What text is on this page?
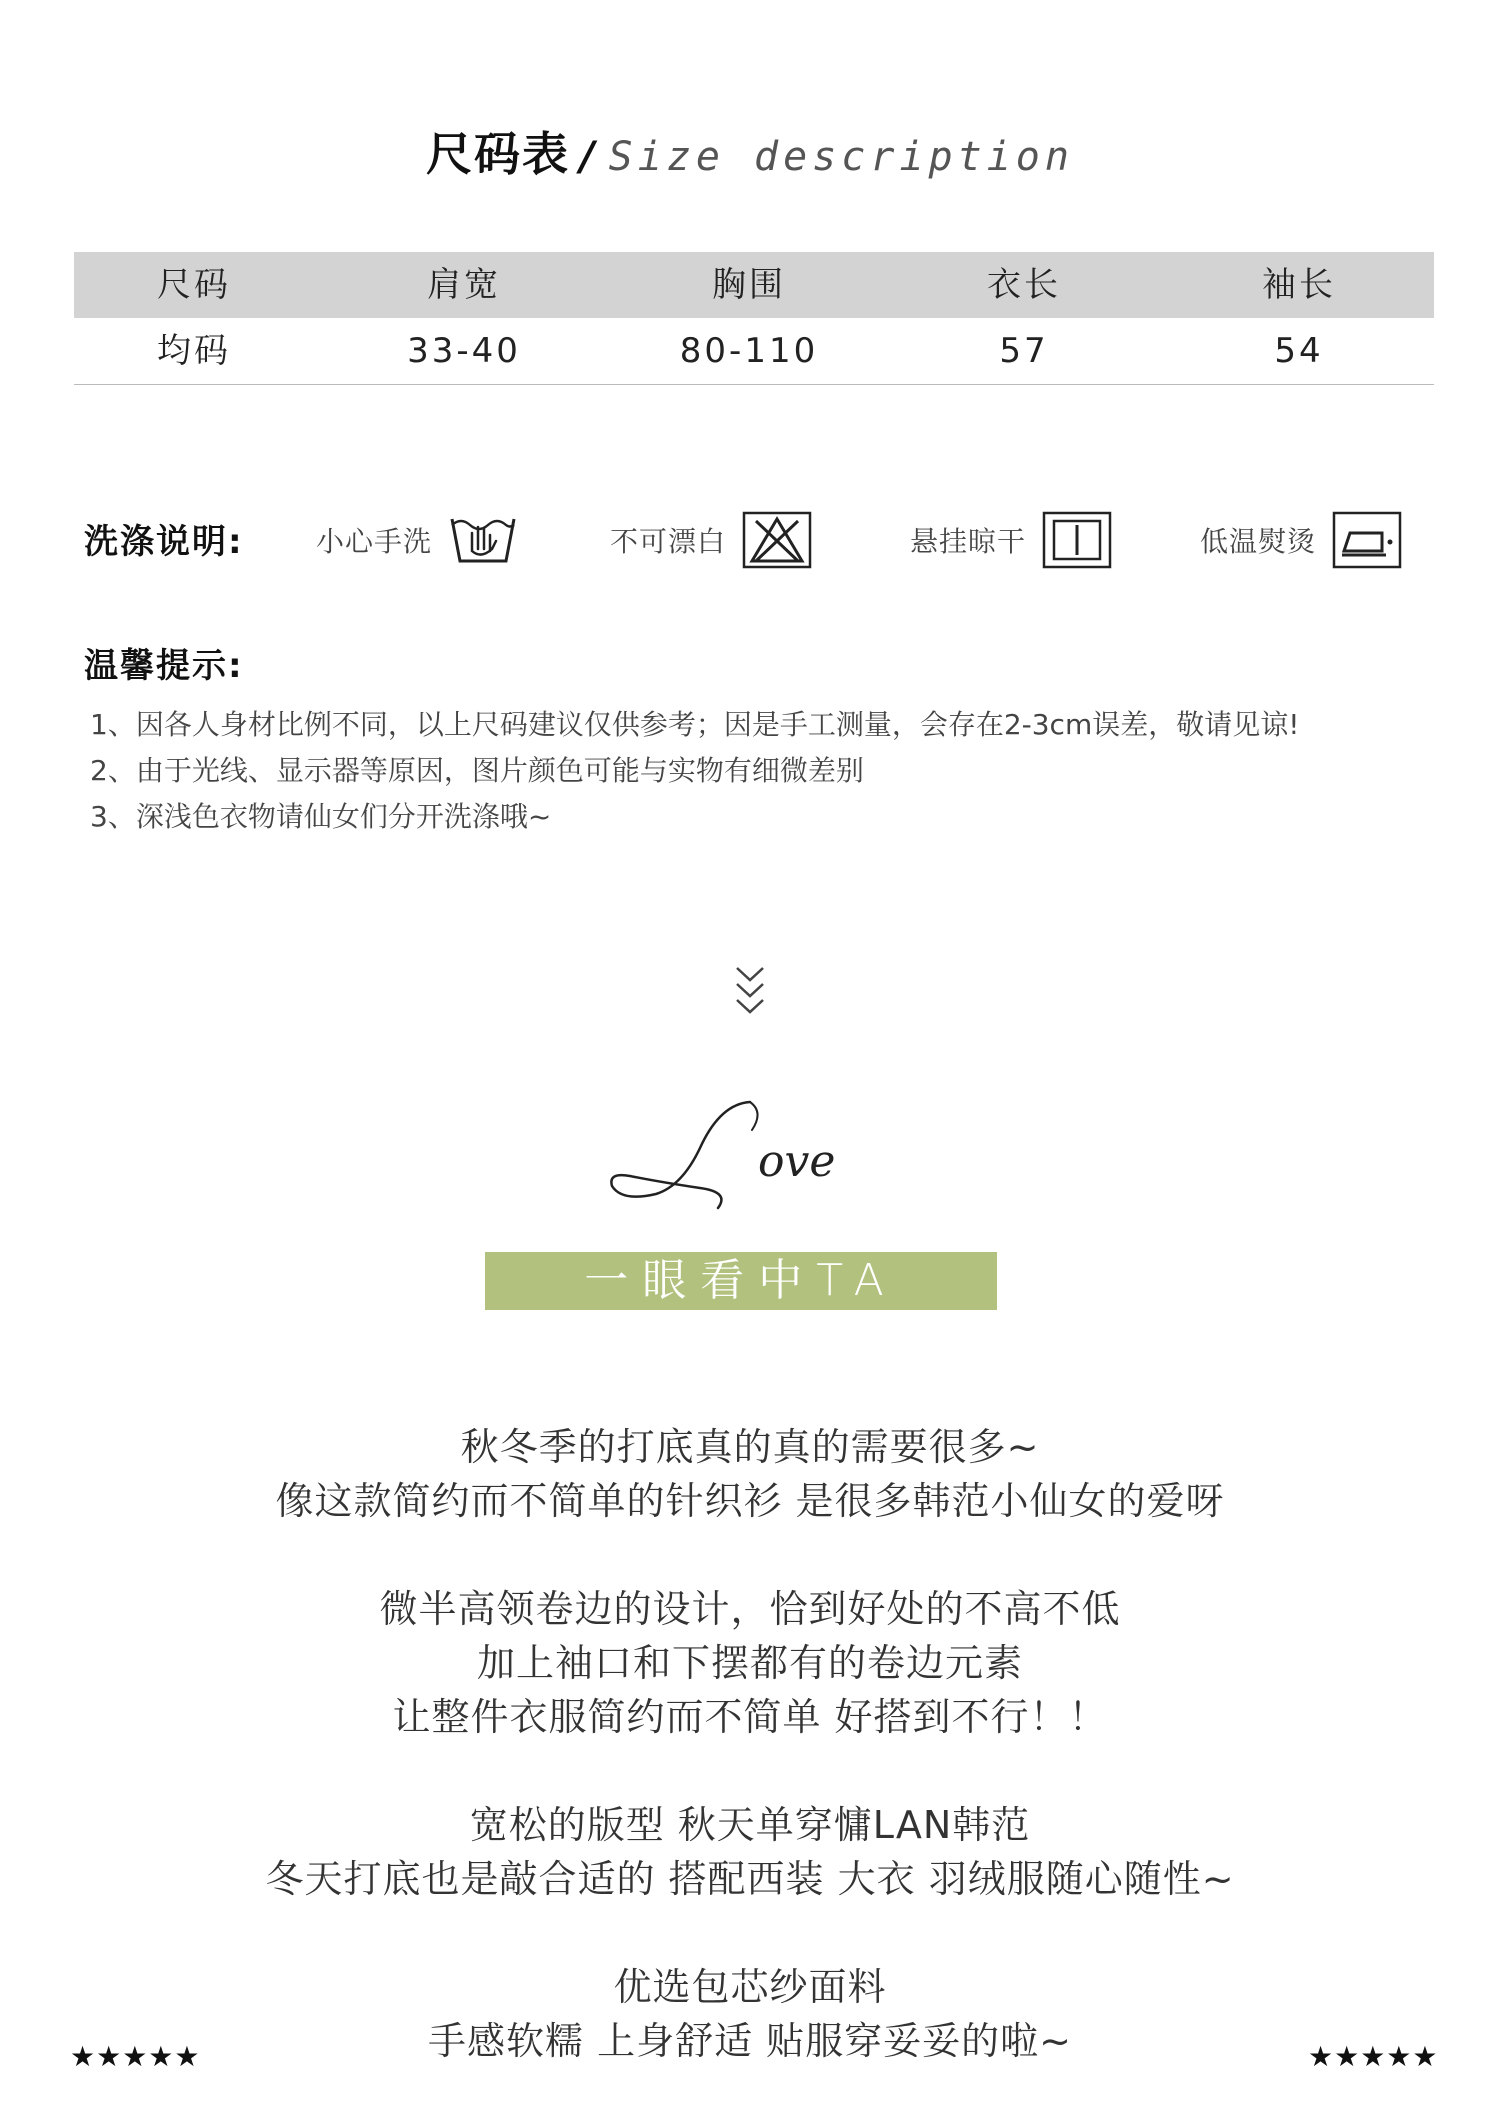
尺码表 / Size description
尺码	肩宽	胸围	衣长	袖长
均码	33-40	80-110	57	54
洗涤说明:	小心手洗	不可漂白	悬挂晾干	低温熨烫
温馨提示:
1、因各人身材比例不同，以上尺码建议仅供参考；因是手工测量，会存在2-3cm误差，敬请见谅!
2、由于光线、显示器等原因，图片颜色可能与实物有细微差别
3、深浅色衣物请仙女们分开洗涤哦~
ove
一眼看中TA
秋冬季的打底真的真的需要很多~
像这款简约而不简单的针织衫 是很多韩范小仙女的爱呀
微半高领卷边的设计，恰到好处的不高不低
加上袖口和下摆都有的卷边元素
让整件衣服简约而不简单 好搭到不行！！
宽松的版型 秋天单穿慵LAN韩范
冬天打底也是敲合适的 搭配西装 大衣 羽绒服随心随性~
优选包芯纱面料
手感软糯 上身舒适 贴服穿妥妥的啦~
★★★★★	★★★★★
